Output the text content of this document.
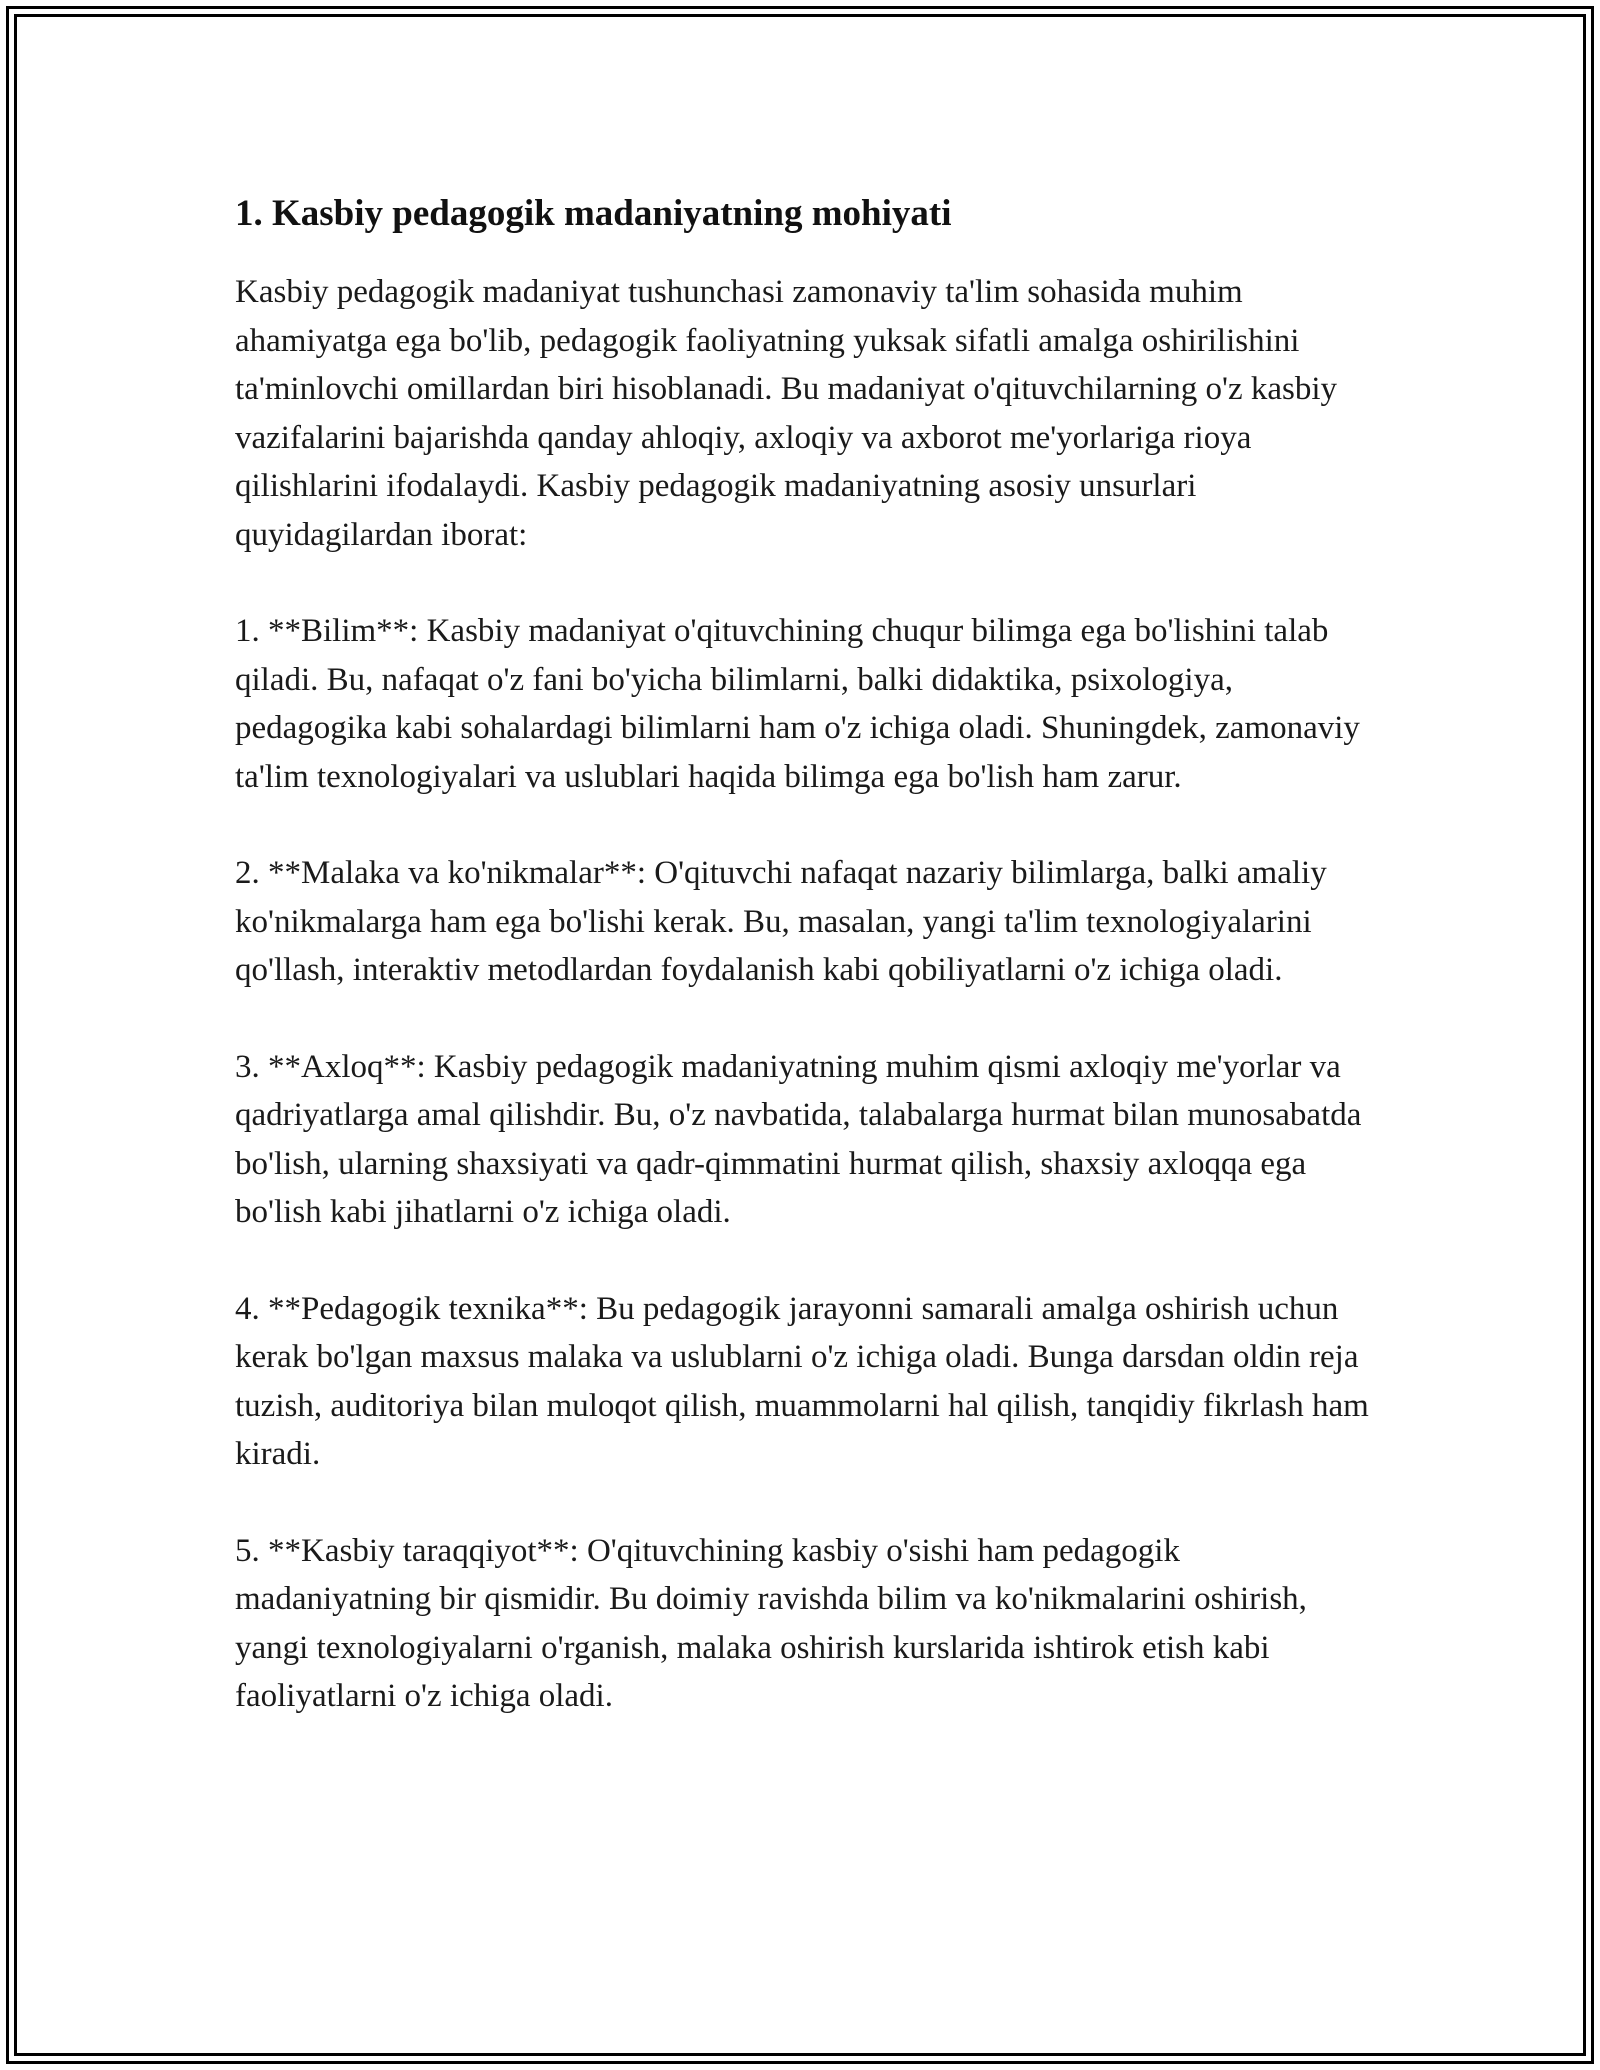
1. Kasbiy pedagogik madaniyatning mohiyati

Kasbiy pedagogik madaniyat tushunchasi zamonaviy ta'lim sohasida muhim ahamiyatga ega bo'lib, pedagogik faoliyatning yuksak sifatli amalga oshirilishini ta'minlovchi omillardan biri hisoblanadi. Bu madaniyat o'qituvchilarning o'z kasbiy vazifalarini bajarishda qanday ahloqiy, axloqiy va axborot me'yorlariga rioya qilishlarini ifodalaydi. Kasbiy pedagogik madaniyatning asosiy unsurlari quyidagilardan iborat:

1. **Bilim**: Kasbiy madaniyat o'qituvchining chuqur bilimga ega bo'lishini talab qiladi. Bu, nafaqat o'z fani bo'yicha bilimlarni, balki didaktika, psixologiya, pedagogika kabi sohalardagi bilimlarni ham o'z ichiga oladi. Shuningdek, zamonaviy ta'lim texnologiyalari va uslublari haqida bilimga ega bo'lish ham zarur.

2. **Malaka va ko'nikmalar**: O'qituvchi nafaqat nazariy bilimlarga, balki amaliy ko'nikmalarga ham ega bo'lishi kerak. Bu, masalan, yangi ta'lim texnologiyalarini qo'llash, interaktiv metodlardan foydalanish kabi qobiliyatlarni o'z ichiga oladi.

3. **Axloq**: Kasbiy pedagogik madaniyatning muhim qismi axloqiy me'yorlar va qadriyatlarga amal qilishdir. Bu, o'z navbatida, talabalarga hurmat bilan munosabatda bo'lish, ularning shaxsiyati va qadr-qimmatini hurmat qilish, shaxsiy axloqqa ega bo'lish kabi jihatlarni o'z ichiga oladi.

4. **Pedagogik texnika**: Bu pedagogik jarayonni samarali amalga oshirish uchun kerak bo'lgan maxsus malaka va uslublarni o'z ichiga oladi. Bunga darsdan oldin reja tuzish, auditoriya bilan muloqot qilish, muammolarni hal qilish, tanqidiy fikrlash ham kiradi.

5. **Kasbiy taraqqiyot**: O'qituvchining kasbiy o'sishi ham pedagogik madaniyatning bir qismidir. Bu doimiy ravishda bilim va ko'nikmalarini oshirish, yangi texnologiyalarni o'rganish, malaka oshirish kurslarida ishtirok etish kabi faoliyatlarni o'z ichiga oladi.
